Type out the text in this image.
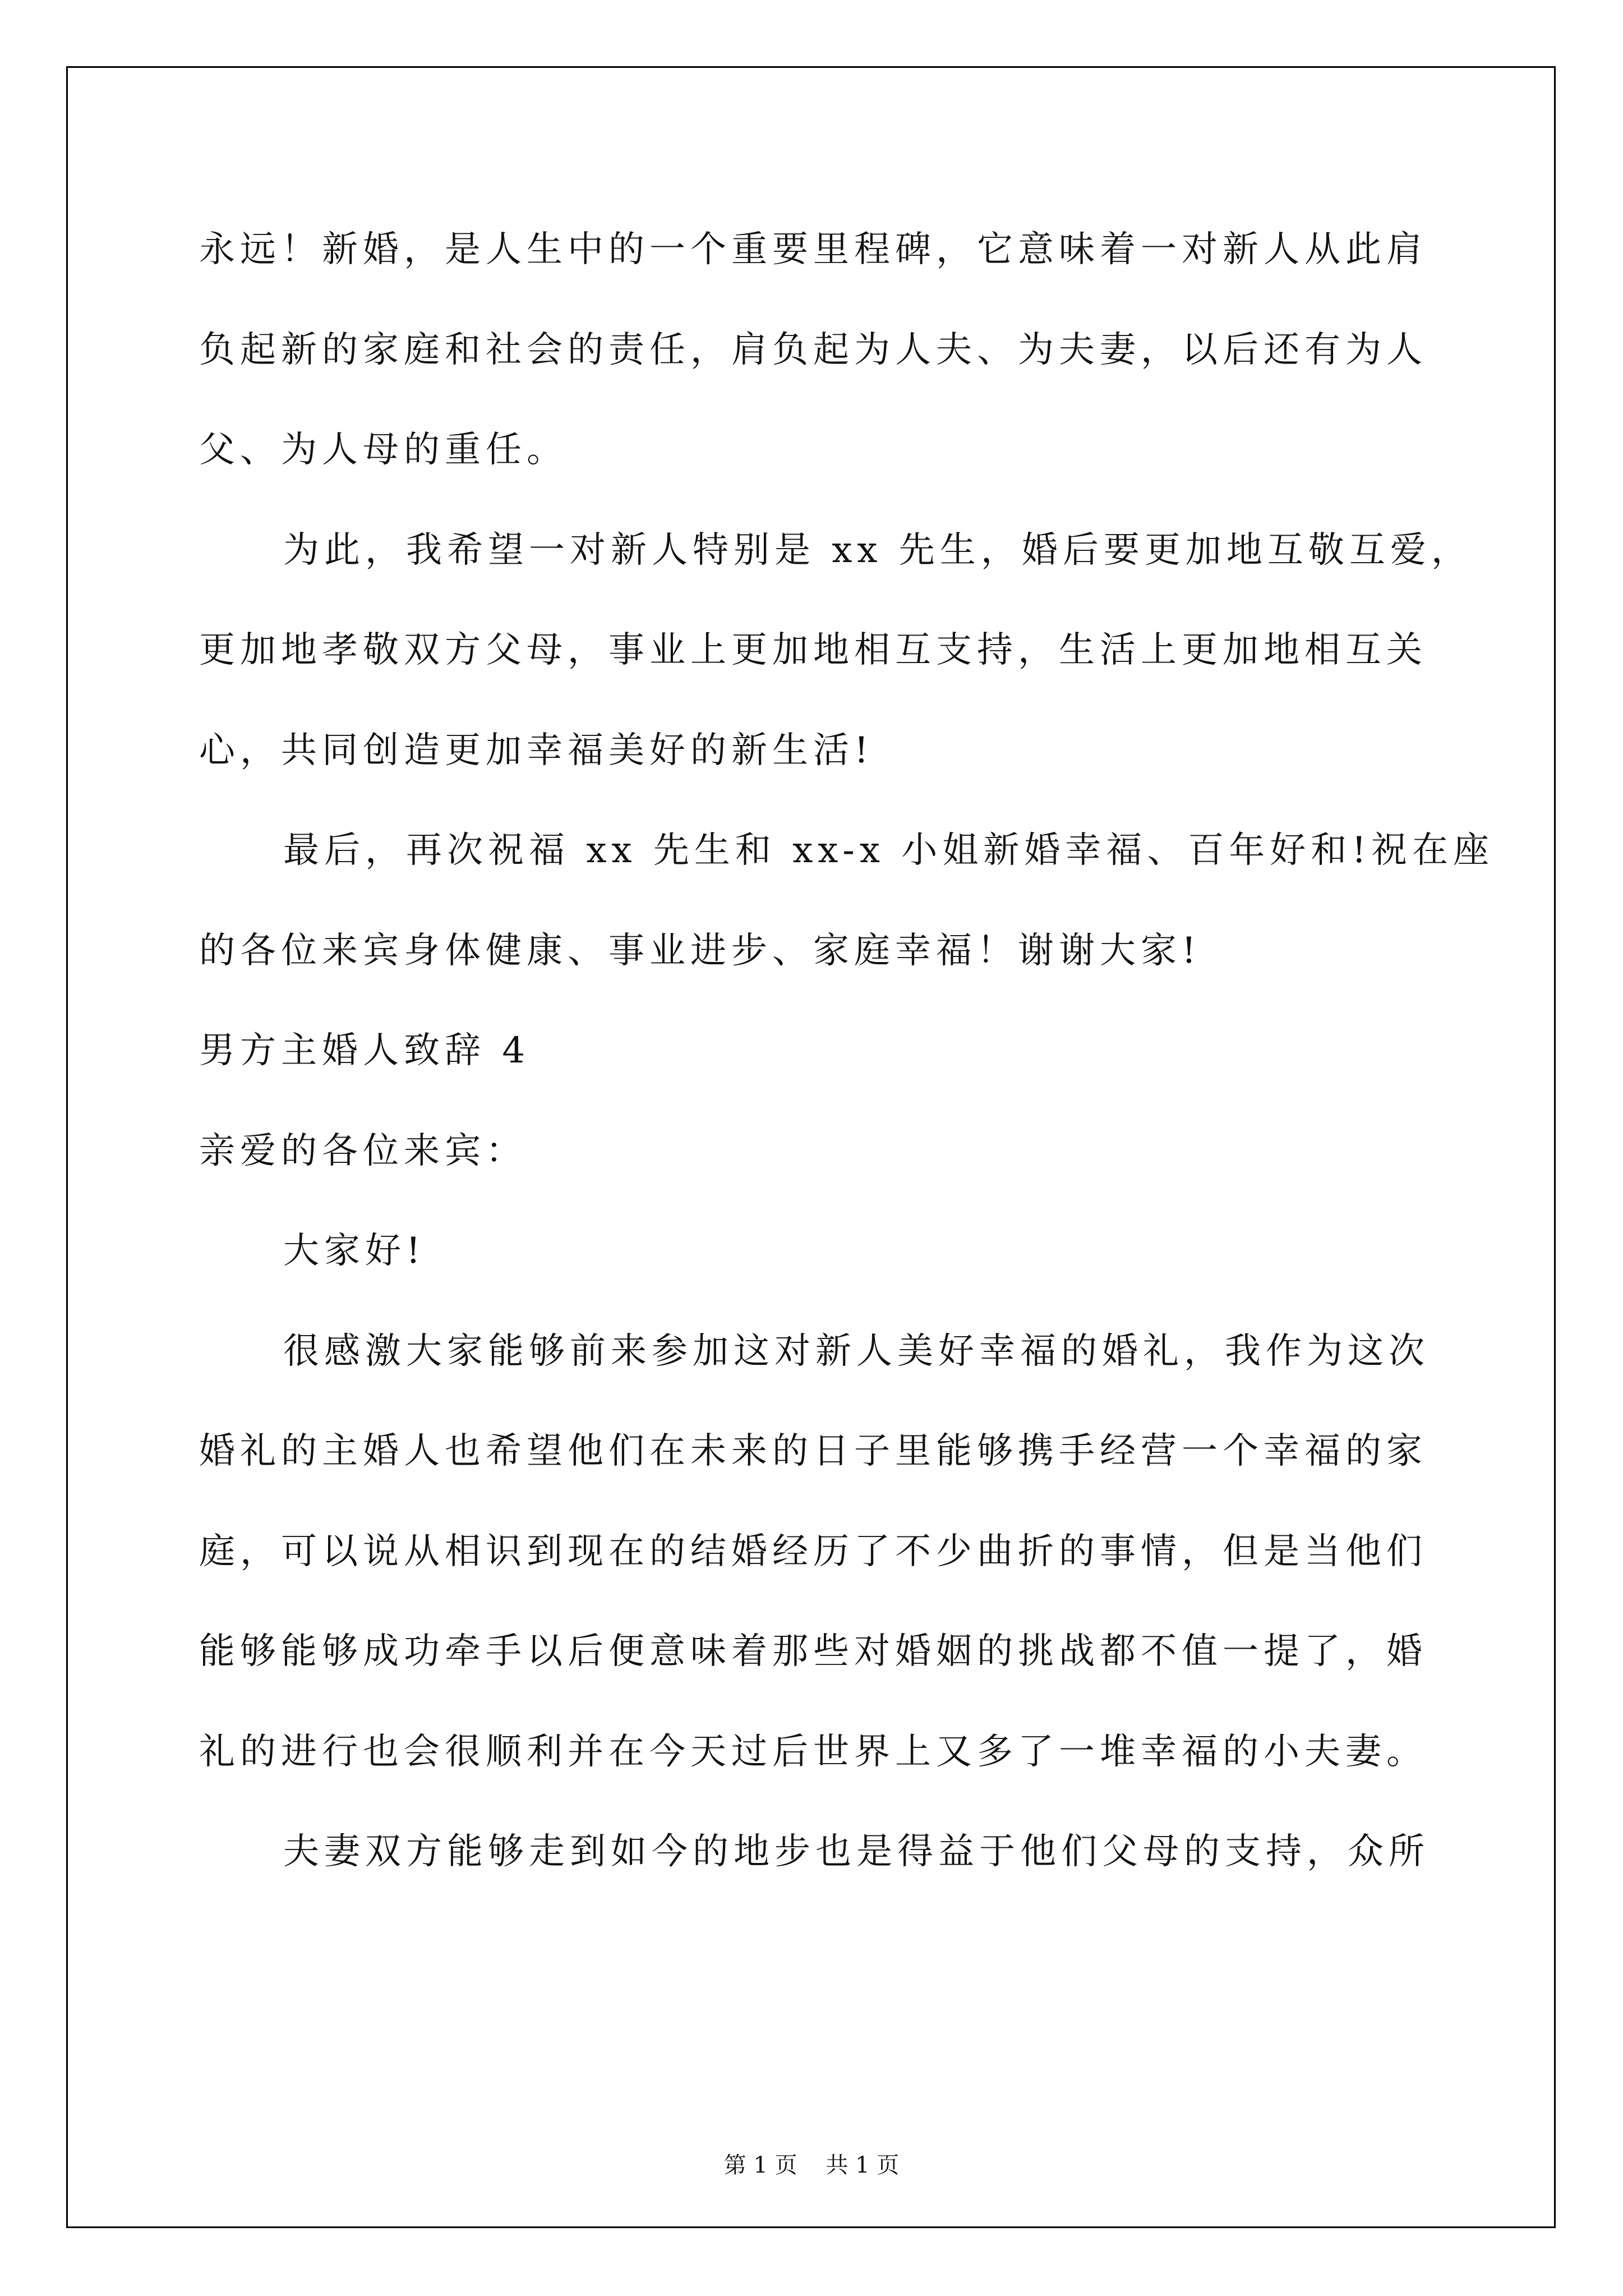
永远！新婚，是人生中的一个重要里程碑，它意味着一对新人从此肩
负起新的家庭和社会的责任，肩负起为人夫、为夫妻，以后还有为人
父、为人母的重任。
为此，我希望一对新人特别是 xx 先生，婚后要更加地互敬互爱，
更加地孝敬双方父母，事业上更加地相互支持，生活上更加地相互关
心，共同创造更加幸福美好的新生活!
最后，再次祝福 xx 先生和 xx-x 小姐新婚幸福、百年好和!祝在座
的各位来宾身体健康、事业进步、家庭幸福！谢谢大家!
男方主婚人致辞 4
亲爱的各位来宾：
大家好!
很感激大家能够前来参加这对新人美好幸福的婚礼，我作为这次
婚礼的主婚人也希望他们在未来的日子里能够携手经营一个幸福的家
庭，可以说从相识到现在的结婚经历了不少曲折的事情，但是当他们
能够能够成功牵手以后便意味着那些对婚姻的挑战都不值一提了，婚
礼的进行也会很顺利并在今天过后世界上又多了一堆幸福的小夫妻。
夫妻双方能够走到如今的地步也是得益于他们父母的支持，众所
第 1 页    共 1 页
